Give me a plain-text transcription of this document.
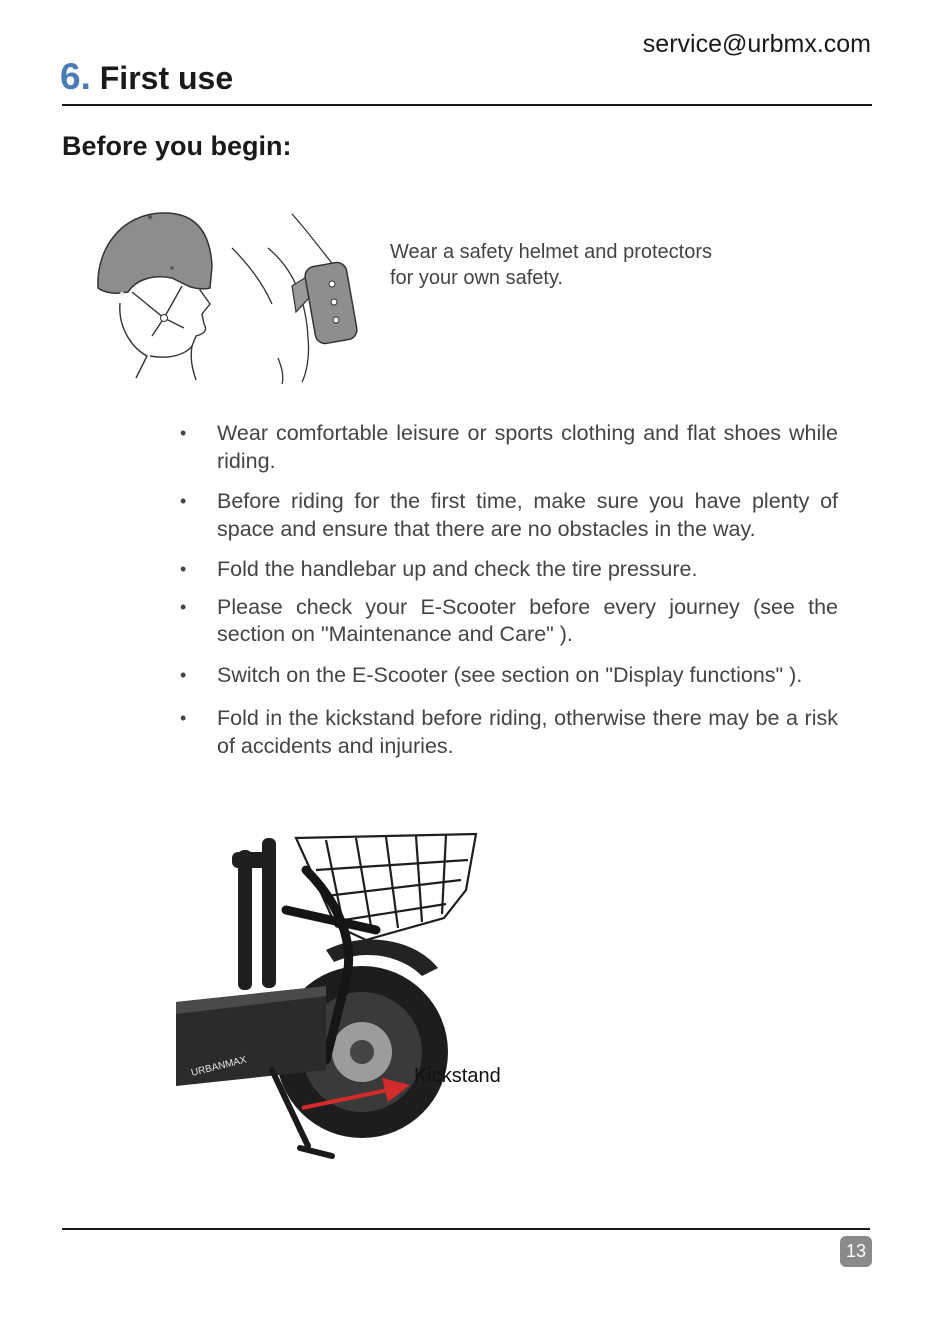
service@urbmx.com
6. First use
Before you begin:
Wear a safety helmet and protectors
for your own safety.
• Wear comfortable leisure or sports clothing and flat shoes while riding.
• Before riding for the first time, make sure you have plenty of space and ensure that there are no obstacles in the way.
• Fold the handlebar up and check the tire pressure.
• Please check your E-Scooter before every journey (see the section on "Maintenance and Care" ).
• Switch on the E-Scooter (see section on "Display functions" ).
• Fold in the kickstand before riding, otherwise there may be a risk of accidents and injuries.
URBANMAX	Kickstand
13
